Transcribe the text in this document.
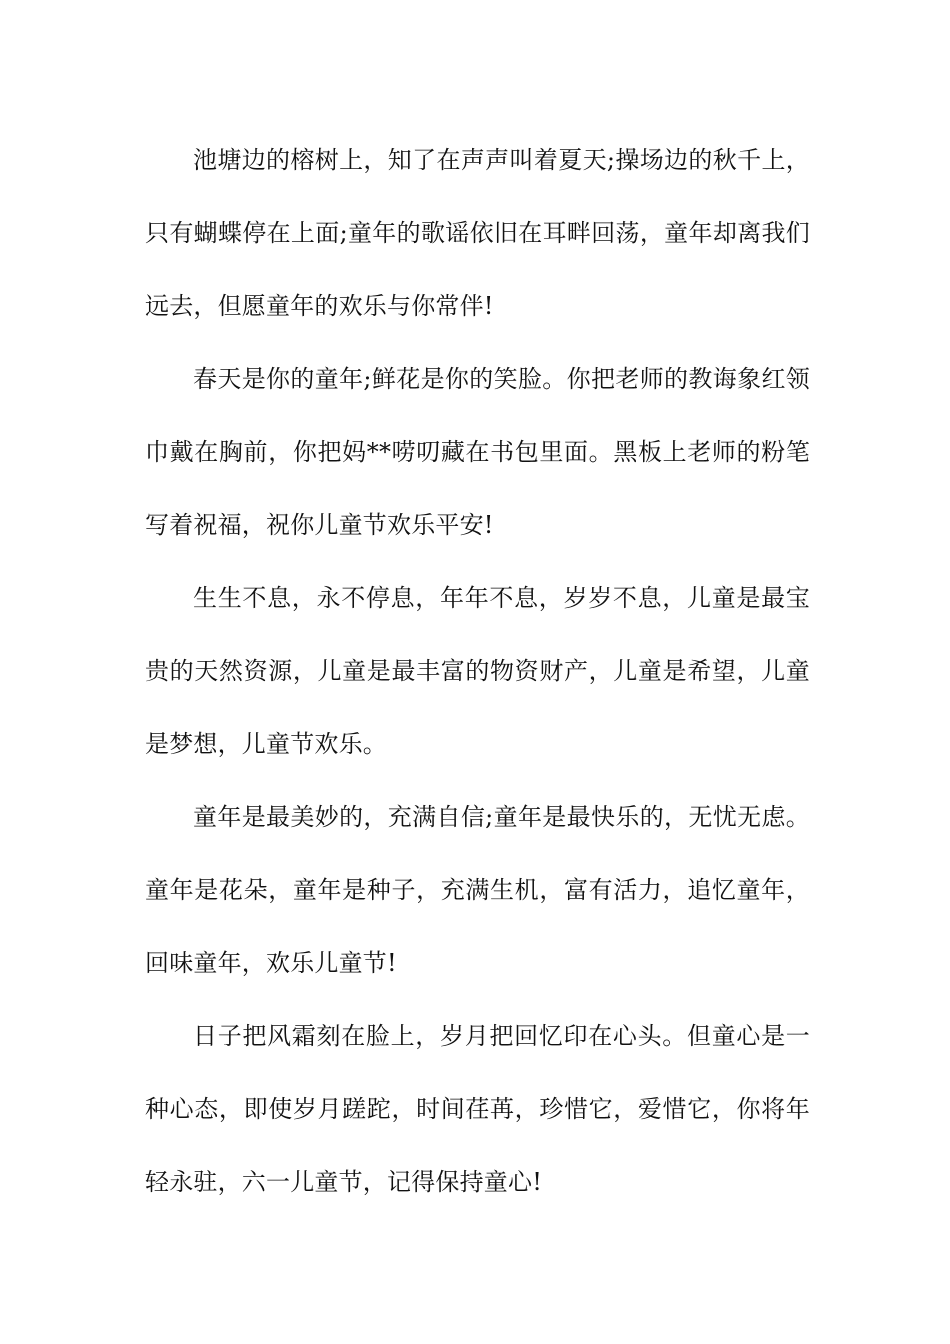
池塘边的榕树上，知了在声声叫着夏天;操场边的秋千上，只有蝴蝶停在上面;童年的歌谣依旧在耳畔回荡，童年却离我们远去，但愿童年的欢乐与你常伴!

春天是你的童年;鲜花是你的笑脸。你把老师的教诲象红领巾戴在胸前，你把妈**唠叨藏在书包里面。黑板上老师的粉笔写着祝福，祝你儿童节欢乐平安!

生生不息，永不停息，年年不息，岁岁不息，儿童是最宝贵的天然资源，儿童是最丰富的物资财产，儿童是希望，儿童是梦想，儿童节欢乐。

童年是最美妙的，充满自信;童年是最快乐的，无忧无虑。童年是花朵，童年是种子，充满生机，富有活力，追忆童年，回味童年，欢乐儿童节!

日子把风霜刻在脸上，岁月把回忆印在心头。但童心是一种心态，即使岁月蹉跎，时间荏苒，珍惜它，爱惜它，你将年轻永驻，六一儿童节，记得保持童心!
